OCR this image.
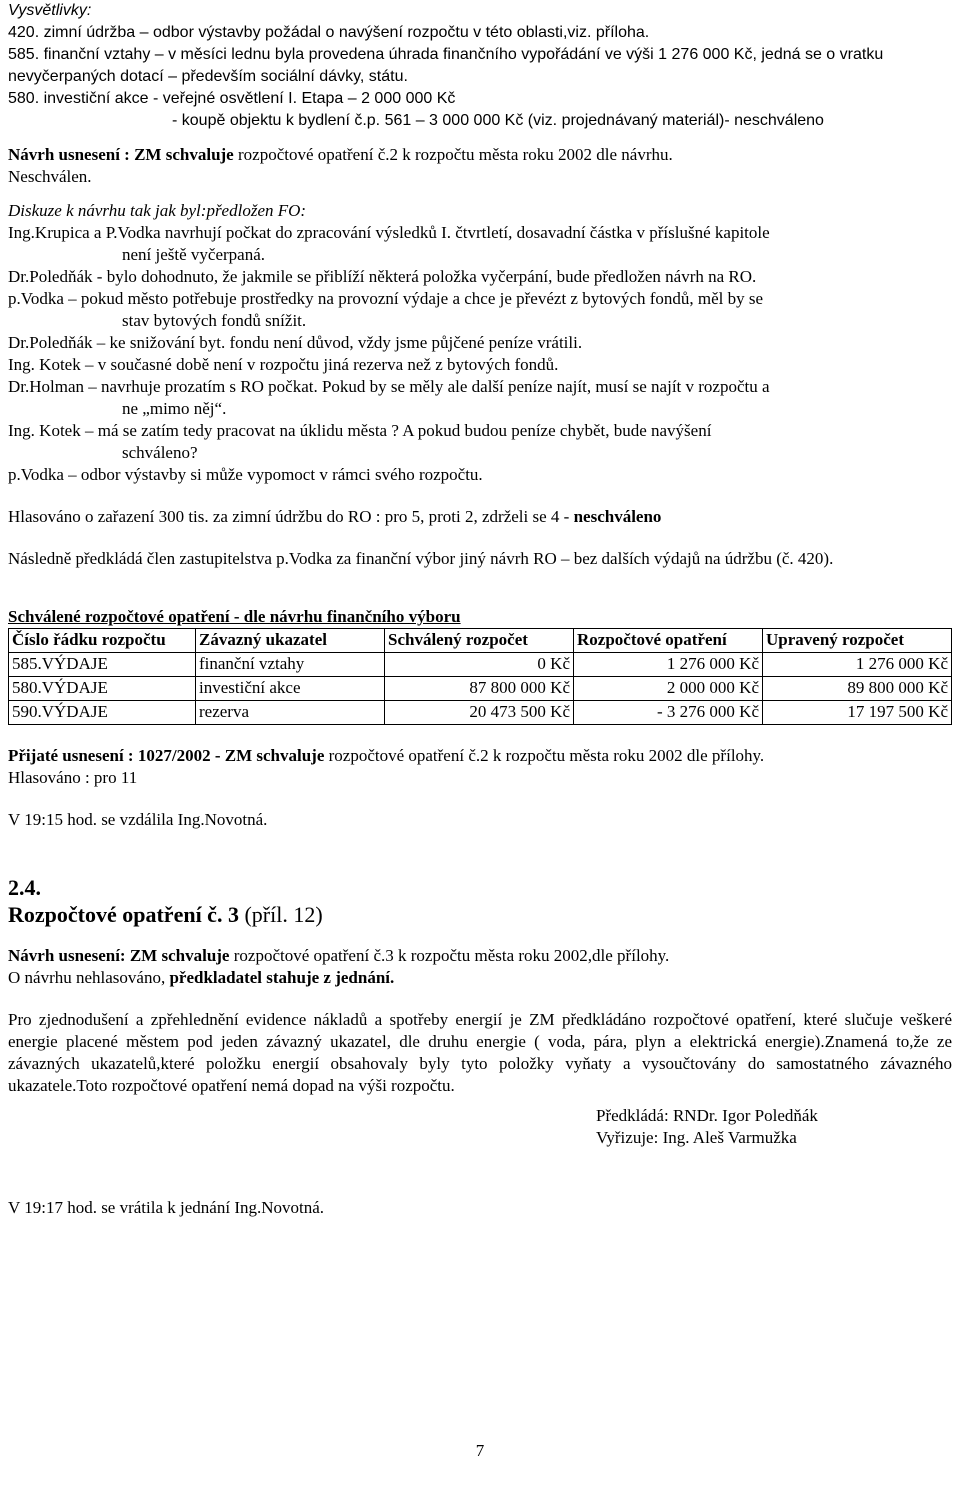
Vysvětlivky:

420. zimní údržba – odbor výstavby požádal o navýšení rozpočtu v této oblasti,viz. příloha.

585. finanční vztahy – v měsíci lednu byla provedena úhrada finančního vypořádání ve výši 1 276 000 Kč, jedná se o vratku nevyčerpaných dotací – především sociální dávky, státu.

580. investiční akce - veřejné osvětlení I. Etapa – 2 000 000 Kč

- koupě objektu k bydlení č.p. 561 – 3 000 000 Kč (viz. projednávaný materiál)- neschváleno

Návrh usnesení : ZM schvaluje rozpočtové opatření č.2 k rozpočtu města roku 2002 dle návrhu.

Neschválen.

Diskuze k návrhu tak jak byl:předložen FO:

Ing.Krupica a P.Vodka navrhují počkat do zpracování výsledků I. čtvrtletí, dosavadní částka v příslušné kapitole

není ještě vyčerpaná.

Dr.Poledňák - bylo dohodnuto, že jakmile se přiblíží některá položka vyčerpání, bude předložen návrh na RO.

p.Vodka – pokud město potřebuje prostředky na provozní výdaje a chce je převézt z bytových fondů, měl by se

stav bytových fondů snížit.

Dr.Poledňák – ke snižování byt. fondu není důvod, vždy jsme půjčené peníze vrátili.

Ing. Kotek – v současné době není v rozpočtu jiná rezerva než z bytových fondů.

Dr.Holman – navrhuje prozatím s RO počkat. Pokud by se měly ale další peníze najít, musí se najít v rozpočtu a

ne „mimo něj“.

Ing. Kotek – má se zatím tedy pracovat na úklidu města ? A pokud budou peníze chybět, bude navýšení

schváleno?

p.Vodka – odbor výstavby si může vypomoct v rámci svého rozpočtu.

Hlasováno o zařazení 300 tis. za zimní údržbu do RO : pro 5, proti 2, zdrželi se 4 - neschváleno

Následně předkládá člen zastupitelstva p.Vodka za finanční výbor jiný návrh RO – bez dalších výdajů na údržbu (č. 420).

Schválené rozpočtové opatření - dle návrhu finančního výboru

Číslo řádku rozpočtu	Závazný ukazatel	Schválený rozpočet	Rozpočtové opatření	Upravený rozpočet
585.VÝDAJE	finanční vztahy	0 Kč	1 276 000 Kč	1 276 000 Kč
580.VÝDAJE	investiční akce	87 800 000 Kč	2 000 000 Kč	89 800 000 Kč
590.VÝDAJE	rezerva	20 473 500 Kč	- 3 276 000 Kč	17 197 500 Kč

Přijaté usnesení : 1027/2002 - ZM schvaluje rozpočtové opatření č.2 k rozpočtu města roku 2002 dle přílohy.

Hlasováno : pro 11

V 19:15 hod. se vzdálila Ing.Novotná.

2.4.

Rozpočtové opatření č. 3 (příl. 12)

Návrh usnesení: ZM schvaluje rozpočtové opatření č.3 k rozpočtu města roku 2002,dle přílohy.

O návrhu nehlasováno, předkladatel stahuje z jednání.

Pro zjednodušení a zpřehlednění evidence nákladů a spotřeby energií je ZM předkládáno rozpočtové opatření, které slučuje veškeré energie placené městem pod jeden závazný ukazatel, dle druhu energie ( voda, pára, plyn a elektrická energie).Znamená to,že ze závazných ukazatelů,které položku energií obsahovaly byly tyto položky vyňaty a vysoučtovány do samostatného závazného ukazatele.Toto rozpočtové opatření nemá dopad na výši rozpočtu.

Předkládá: RNDr. Igor Poledňák

Vyřizuje: Ing. Aleš Varmužka

V 19:17 hod. se vrátila k jednání Ing.Novotná.

7
